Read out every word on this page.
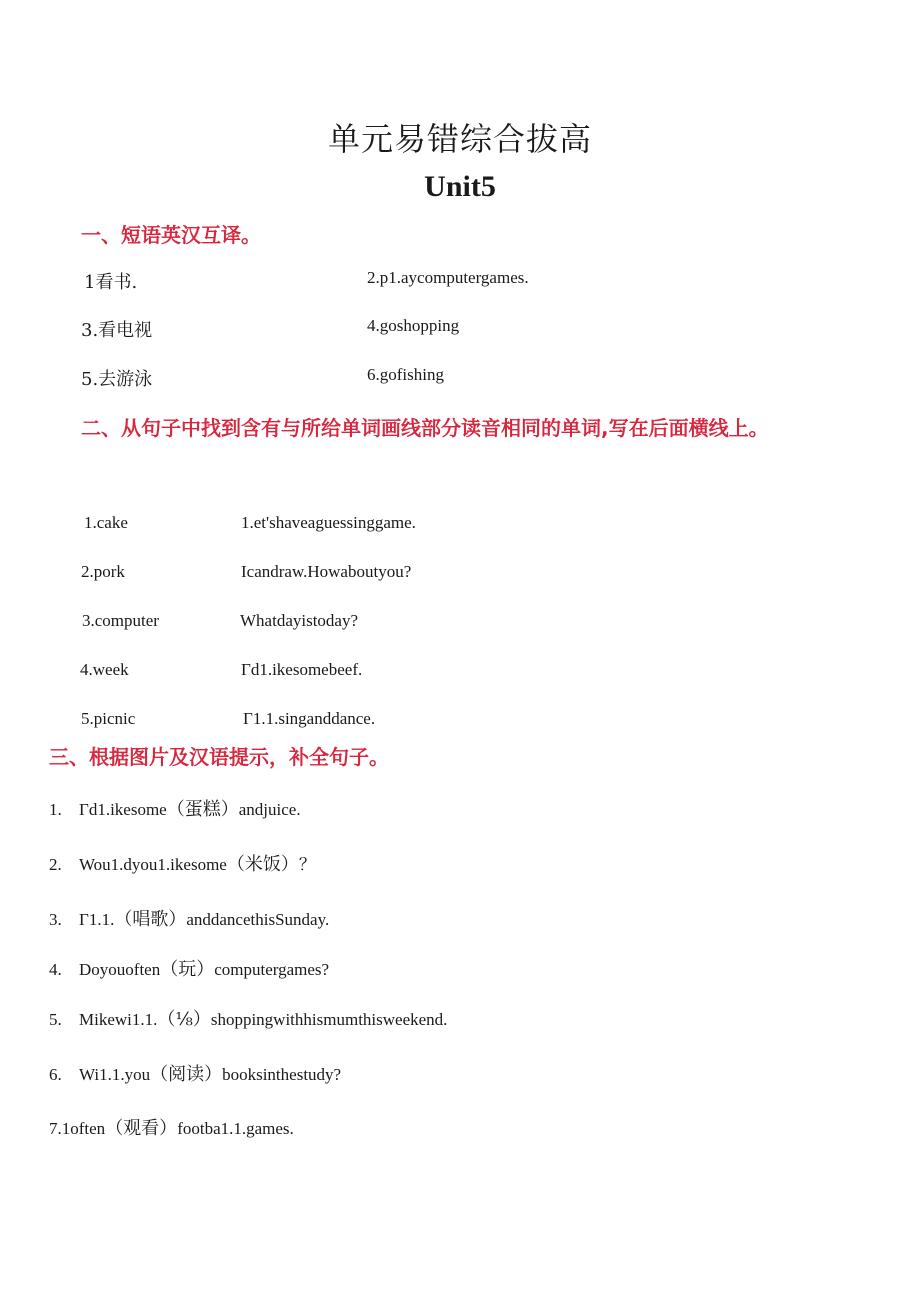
单元易错综合拔高
Unit5
一、短语英汉互译。
1看书.	2.p1.aycomputergames.
3.看电视	4.goshopping
5.去游泳	6.gofishing
二、从句子中找到含有与所给单词画线部分读音相同的单词,写在后面横线上。
1.cake	1.et'shaveaguessinggame.
2.pork	Icandraw.Howaboutyou?
3.computer	Whatdayistoday?
4.week	Γd1.ikesomebeef.
5.picnic	Γ1.1.singanddance.
三、根据图片及汉语提示，补全句子。
1. Γd1.ikesome（蛋糕）andjuice.
2. Wou1.dyou1.ikesome（米饭）？
3. Γ1.1.（唱歌）anddancethisSunday.
4. Doyouoften（玩）computergames?
5. Mikewi1.1.（⅛）shoppingwithhismumthisweekend.
6. Wi1.1.you（阅读）booksinthestudy?
7.1often（观看）footba1.1.games.
